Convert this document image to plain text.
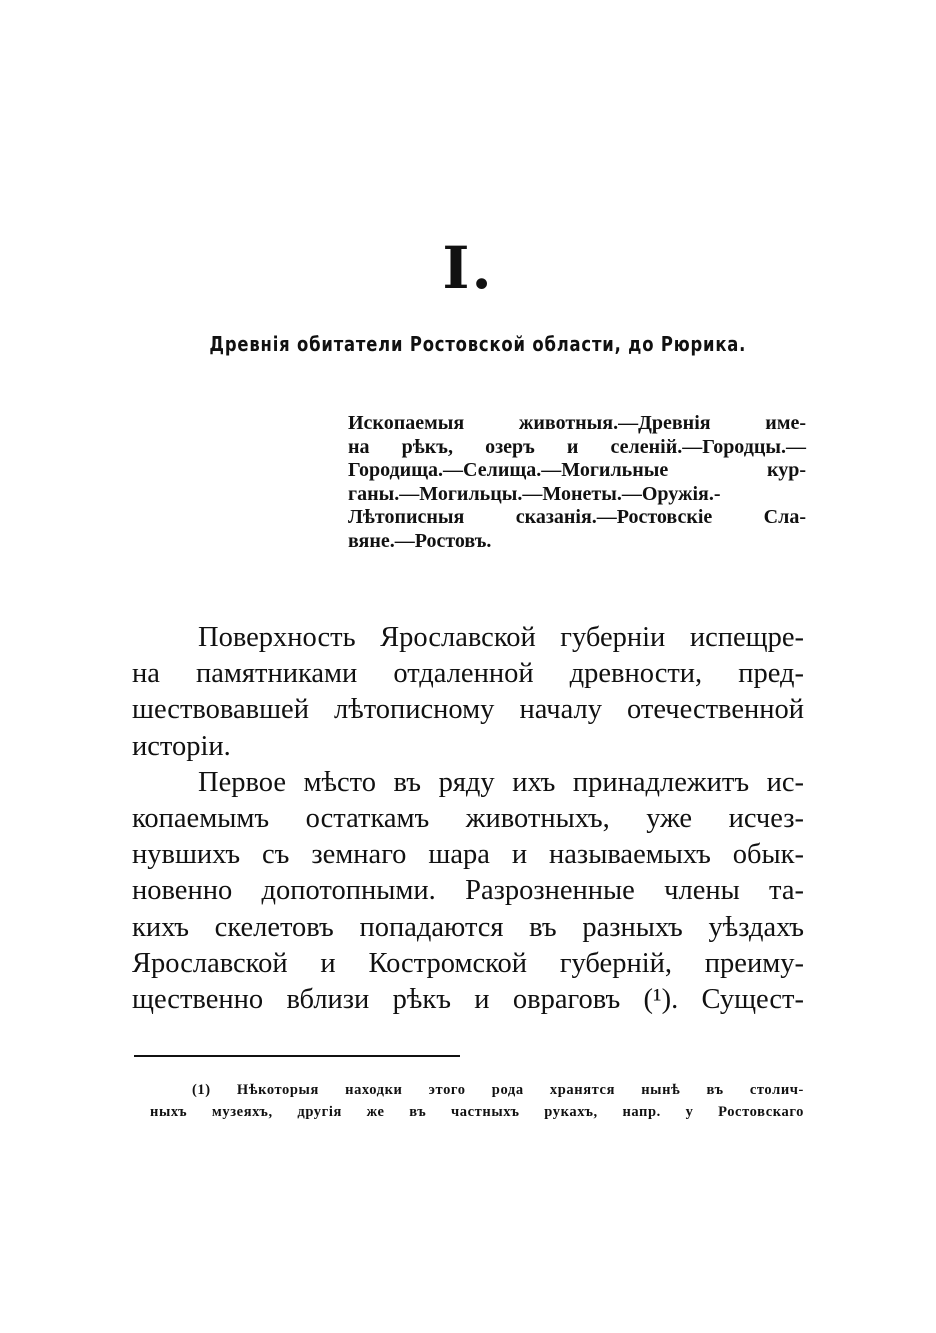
I.
Древнія обитатели Ростовской области, до Рюрика.
Ископаемыя животныя.—Древнія име-
на рѣкъ, озеръ и селеній.—Городцы.—
Городища.—Селища.—Могильные кур-
ганы.—Могильцы.—Монеты.—Оружія.-
Лѣтописныя сказанія.—Ростовскіе Сла-
вяне.—Ростовъ.
Поверхность Ярославской губерніи испещре-
на памятниками отдаленной древности, пред-
шествовавшей лѣтописному началу отечественной
исторіи.
Первое мѣсто въ ряду ихъ принадлежитъ ис-
копаемымъ остаткамъ животныхъ, уже исчез-
нувшихъ съ земнаго шара и называемыхъ обык-
новенно допотопными. Разрозненные члены та-
кихъ скелетовъ попадаются въ разныхъ уѣздахъ
Ярославской и Костромской губерній, преиму-
щественно вблизи рѣкъ и овраговъ (¹). Сущест-
(1) Нѣкоторыя находки этого рода хранятся нынѣ въ столич-
ныхъ музеяхъ, другія же въ частныхъ рукахъ, напр. у Ростовскаго
